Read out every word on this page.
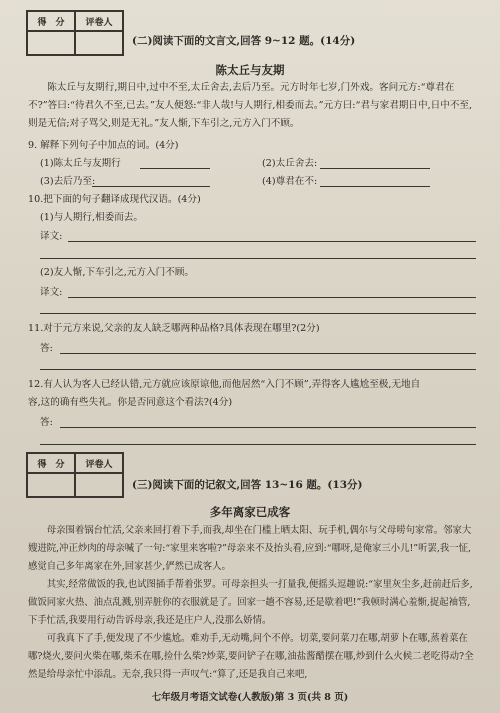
得　分	评卷人
(二)阅读下面的文言文,回答 9~12 题。(14分)
陈太丘与友期
陈太丘与友期行,期日中,过中不至,太丘舍去,去后乃至。元方时年七岁,门外戏。客问元方:“尊君在不?”答曰:“待君久不至,已去。”友人便怒:“非人哉!与人期行,相委而去。”元方曰:“君与家君期日中,日中不至,则是无信;对子骂父,则是无礼。”友人惭,下车引之,元方入门不顾。
9. 解释下列句子中加点的词。(4分)
(1)陈太丘与友期行	(2)太丘舍去:
(3)去后乃至:	(4)尊君在不:
10.把下面的句子翻译成现代汉语。(4分)
(1)与人期行,相委而去。
译文:
(2)友人惭,下车引之,元方入门不顾。
译文:
11.对于元方来说,父亲的友人缺乏哪两种品格?具体表现在哪里?(2分)
答:
12.有人认为客人已经认错,元方就应该原谅他,而他居然“入门不顾”,弄得客人尴尬至极,无地自
容,这的确有些失礼。你是否同意这个看法?(4分)
答:
得　分	评卷人
(三)阅读下面的记叙文,回答 13~16 题。(13分)
多年离家已成客
母亲围着锅台忙活,父亲来回打着下手,而我,却坐在门槛上晒太阳、玩手机,偶尔与父母唠句家常。邻家大嫂进院,冲正炒肉的母亲喊了一句:“家里来客啦?”母亲来不及抬头看,应到:“哪呀,是俺家三小儿!”听罢,我一怔,感觉自己多年离家在外,回家甚少,俨然已成客人。
其实,经常做饭的我,也试图插手帮着张罗。可母亲担头一打量我,便摇头逗趣说:“家里灰尘多,赶前赶后多,做饭同家火热、油点乱溅,别弄脏你的衣服就是了。回家一趟不容易,还是歇着吧!”我顿时满心羞惭,捉起袖管,下手忙活,我要用行动告诉母亲,我还是庄户人,没那么娇情。
可我真下了手,便发现了不少尴尬。难劝手,无动嘴,问个不停。切菜,要问菜刀在哪,胡萝卜在哪,蒸着菜在哪?烧火,要问火柴在哪,柴禾在哪,捡什么柴?炒菜,要问铲子在哪,油盐酱醋摆在哪,炒到什么火候二老吃得动?全然是给母亲忙中添乱。无奈,我只得一声叹气:“算了,还是我自己来吧,
七年级月考语文试卷(人教版)第 3 页(共 8 页)
